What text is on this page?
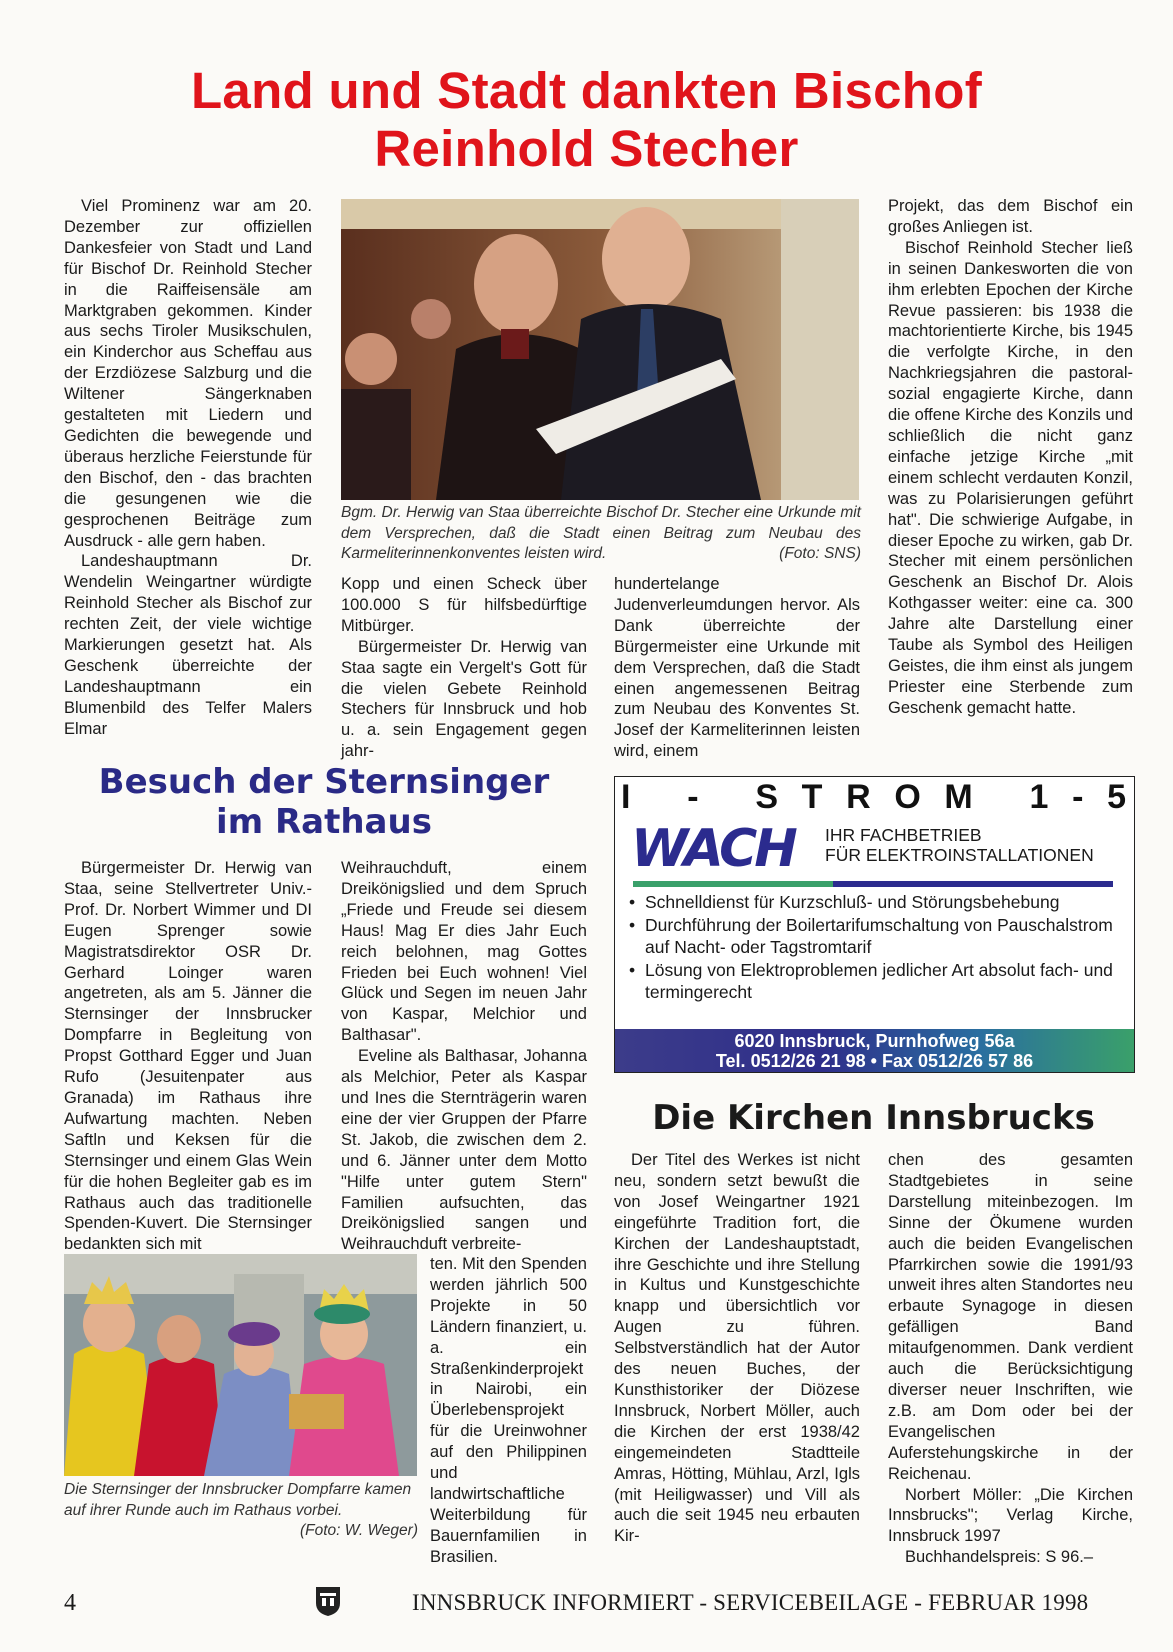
Land und Stadt dankten Bischof
Reinhold Stecher

Viel Prominenz war am 20. Dezember zur offiziellen Dankesfeier von Stadt und Land für Bischof Dr. Reinhold Stecher in die Raiffeisensäle am Marktgraben gekommen. Kinder aus sechs Tiroler Musikschulen, ein Kinderchor aus Scheffau aus der Erzdiözese Salzburg und die Wiltener Sängerknaben gestalteten mit Liedern und Gedichten die bewegende und überaus herzliche Feierstunde für den Bischof, den - das brachten die gesungenen wie die gesprochenen Beiträge zum Ausdruck - alle gern haben.

Landeshauptmann Dr. Wendelin Weingartner würdigte Reinhold Stecher als Bischof zur rechten Zeit, der viele wichtige Markierungen gesetzt hat. Als Geschenk überreichte der Landeshauptmann ein Blumenbild des Telfer Malers Elmar

Bgm. Dr. Herwig van Staa überreichte Bischof Dr. Stecher eine Urkunde mit dem Versprechen, daß die Stadt einen Beitrag zum Neubau des Karmeliterinnenkonventes leisten wird.	(Foto: SNS)

Kopp und einen Scheck über 100.000 S für hilfsbedürftige Mitbürger.

Bürgermeister Dr. Herwig van Staa sagte ein Vergelt's Gott für die vielen Gebete Reinhold Stechers für Innsbruck und hob u. a. sein Engagement gegen jahr-

hundertelange Judenverleumdungen hervor. Als Dank überreichte der Bürgermeister eine Urkunde mit dem Versprechen, daß die Stadt einen angemessenen Beitrag zum Neubau des Konventes St. Josef der Karmeliterinnen leisten wird, einem

Projekt, das dem Bischof ein großes Anliegen ist.

Bischof Reinhold Stecher ließ in seinen Dankesworten die von ihm erlebten Epochen der Kirche Revue passieren: bis 1938 die machtorientierte Kirche, bis 1945 die verfolgte Kirche, in den Nachkriegsjahren die pastoral-sozial engagierte Kirche, dann die offene Kirche des Konzils und schließlich die nicht ganz einfache jetzige Kirche „mit einem schlecht verdauten Konzil, was zu Polarisierungen geführt hat". Die schwierige Aufgabe, in dieser Epoche zu wirken, gab Dr. Stecher mit einem persönlichen Geschenk an Bischof Dr. Alois Kothgasser weiter: eine ca. 300 Jahre alte Darstellung einer Taube als Symbol des Heiligen Geistes, die ihm einst als jungem Priester eine Sterbende zum Geschenk gemacht hatte.

Besuch der Sternsinger
im Rathaus

Bürgermeister Dr. Herwig van Staa, seine Stellvertreter Univ.-Prof. Dr. Norbert Wimmer und DI Eugen Sprenger sowie Magistratsdirektor OSR Dr. Gerhard Loinger waren angetreten, als am 5. Jänner die Sternsinger der Innsbrucker Dompfarre in Begleitung von Propst Gotthard Egger und Juan Rufo (Jesuitenpater aus Granada) im Rathaus ihre Aufwartung machten. Neben Saftln und Keksen für die Sternsinger und einem Glas Wein für die hohen Begleiter gab es im Rathaus auch das traditionelle Spenden-Kuvert. Die Sternsinger bedankten sich mit

Weihrauchduft, einem Dreikönigslied und dem Spruch „Friede und Freude sei diesem Haus! Mag Er dies Jahr Euch reich belohnen, mag Gottes Frieden bei Euch wohnen! Viel Glück und Segen im neuen Jahr von Kaspar, Melchior und Balthasar".

Eveline als Balthasar, Johanna als Melchior, Peter als Kaspar und Ines die Sternträgerin waren eine der vier Gruppen der Pfarre St. Jakob, die zwischen dem 2. und 6. Jänner unter dem Motto "Hilfe unter gutem Stern" Familien aufsuchten, das Dreikönigslied sangen und Weihrauchduft verbreite-

Die Sternsinger der Innsbrucker Dompfarre kamen auf ihrer Runde auch im Rathaus vorbei.
(Foto: W. Weger)

ten. Mit den Spenden werden jährlich 500 Projekte in 50 Ländern finanziert, u. a. ein Straßenkinderprojekt in Nairobi, ein Überlebensprojekt für die Ureinwohner auf den Philippinen und landwirtschaftliche Weiterbildung für Bauernfamilien in Brasilien.

I - STROM 1-5
WACH IHR FACHBETRIEB
FÜR ELEKTROINSTALLATIONEN
• Schnelldienst für Kurzschluß- und Störungsbehebung
• Durchführung der Boilertarifumschaltung von Pauschalstrom auf Nacht- oder Tagstromtarif
• Lösung von Elektroproblemen jedlicher Art absolut fach- und termingerecht
6020 Innsbruck, Purnhofweg 56a
Tel. 0512/26 21 98 • Fax 0512/26 57 86
Die Kirchen Innsbrucks

Der Titel des Werkes ist nicht neu, sondern setzt bewußt die von Josef Weingartner 1921 eingeführte Tradition fort, die Kirchen der Landeshauptstadt, ihre Geschichte und ihre Stellung in Kultus und Kunstgeschichte knapp und übersichtlich vor Augen zu führen. Selbstverständlich hat der Autor des neuen Buches, der Kunsthistoriker der Diözese Innsbruck, Norbert Möller, auch die Kirchen der erst 1938/42 eingemeindeten Stadtteile Amras, Hötting, Mühlau, Arzl, Igls (mit Heiligwasser) und Vill als auch die seit 1945 neu erbauten Kir-

chen des gesamten Stadtgebietes in seine Darstellung miteinbezogen. Im Sinne der Ökumene wurden auch die beiden Evangelischen Pfarrkirchen sowie die 1991/93 unweit ihres alten Standortes neu erbaute Synagoge in diesen gefälligen Band mitaufgenommen. Dank verdient auch die Berücksichtigung diverser neuer Inschriften, wie z.B. am Dom oder bei der Evangelischen Auferstehungskirche in der Reichenau.

Norbert Möller: „Die Kirchen Innsbrucks"; Verlag Kirche, Innsbruck 1997

Buchhandelspreis: S 96.–

4	INNSBRUCK INFORMIERT - SERVICEBEILAGE - FEBRUAR 1998
